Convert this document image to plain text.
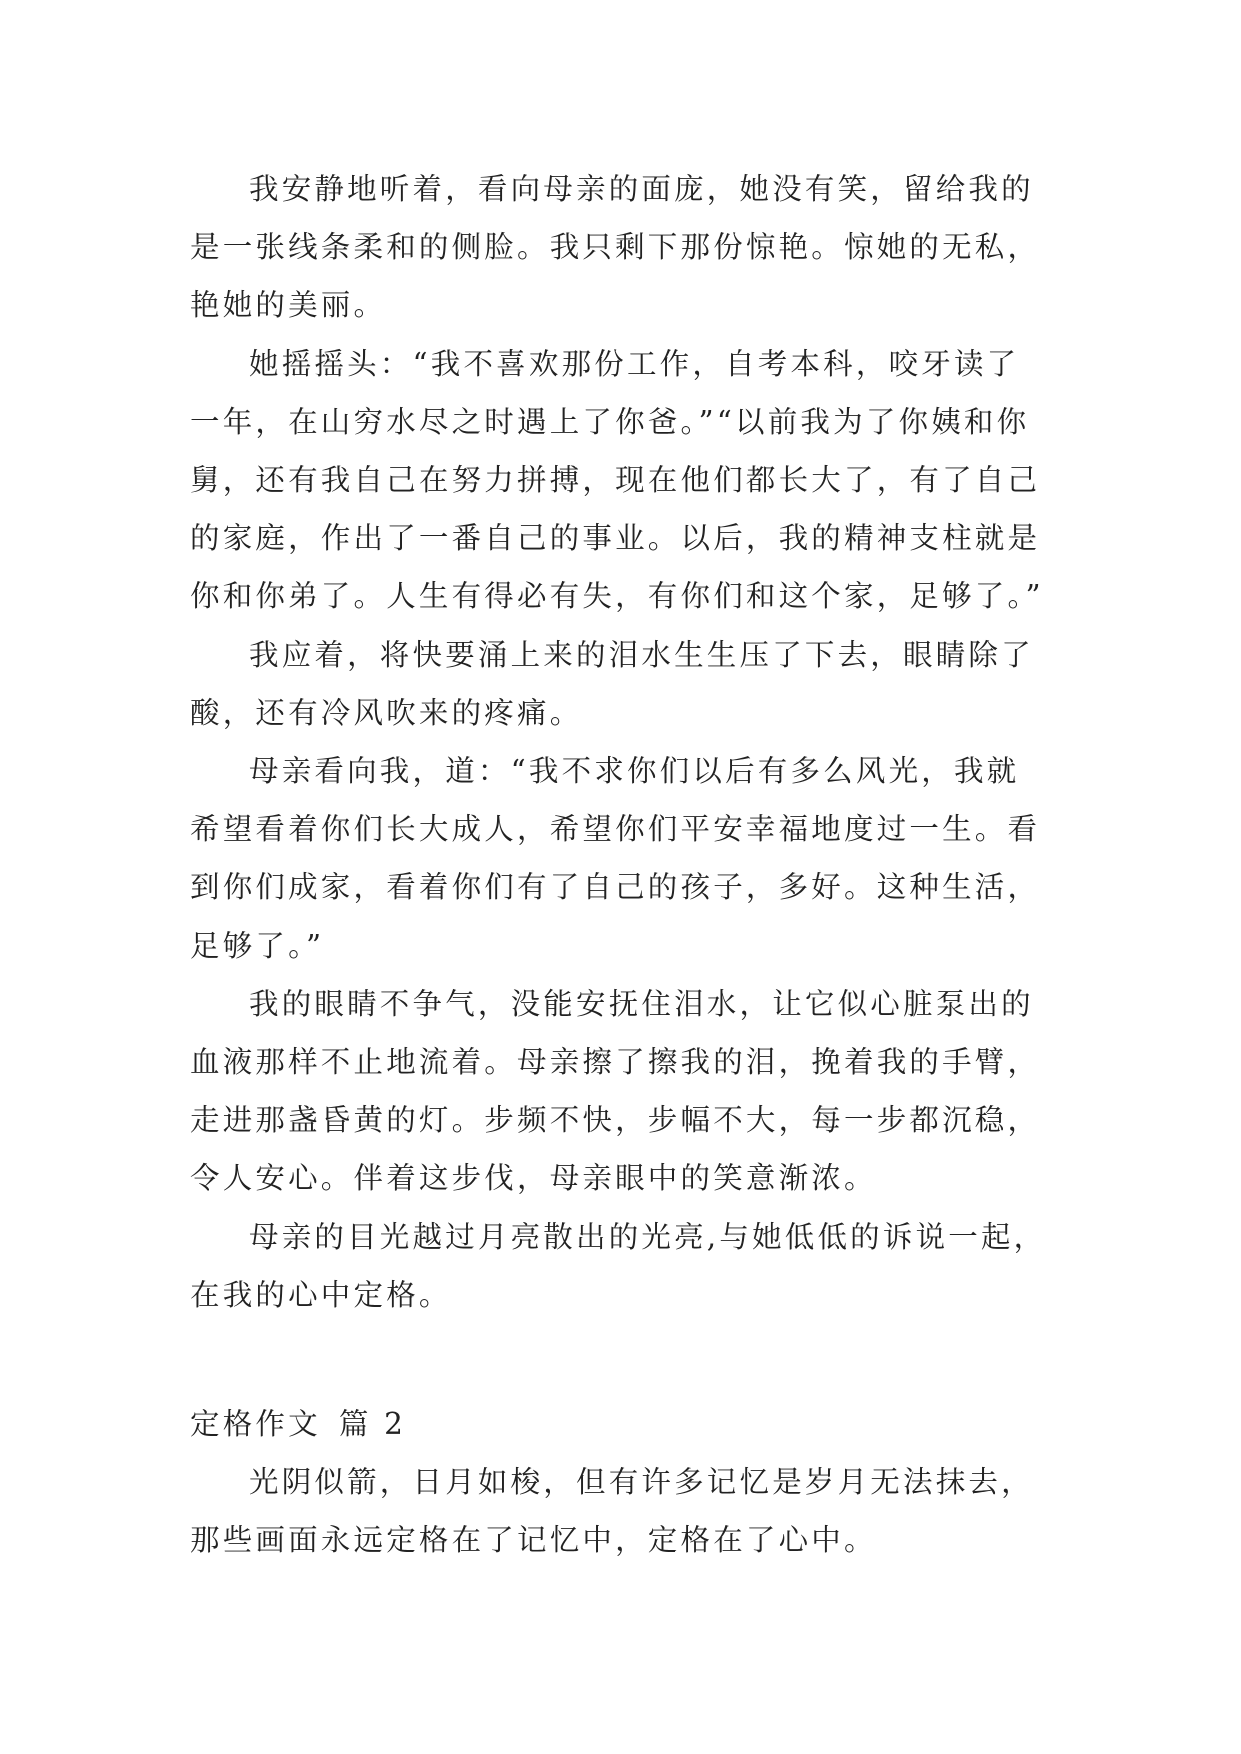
我安静地听着，看向母亲的面庞，她没有笑，留给我的
是一张线条柔和的侧脸。我只剩下那份惊艳。惊她的无私，
艳她的美丽。

她摇摇头：“我不喜欢那份工作，自考本科，咬牙读了
一年，在山穷水尽之时遇上了你爸。”“以前我为了你姨和你
舅，还有我自己在努力拼搏，现在他们都长大了，有了自己
的家庭，作出了一番自己的事业。以后，我的精神支柱就是
你和你弟了。人生有得必有失，有你们和这个家，足够了。”

我应着，将快要涌上来的泪水生生压了下去，眼睛除了
酸，还有冷风吹来的疼痛。

母亲看向我，道：“我不求你们以后有多么风光，我就
希望看着你们长大成人，希望你们平安幸福地度过一生。看
到你们成家，看着你们有了自己的孩子，多好。这种生活，
足够了。”

我的眼睛不争气，没能安抚住泪水，让它似心脏泵出的
血液那样不止地流着。母亲擦了擦我的泪，挽着我的手臂，
走进那盏昏黄的灯。步频不快，步幅不大，每一步都沉稳，
令人安心。伴着这步伐，母亲眼中的笑意渐浓。

母亲的目光越过月亮散出的光亮,与她低低的诉说一起，
在我的心中定格。

定格作文 篇 2

光阴似箭，日月如梭，但有许多记忆是岁月无法抹去，
那些画面永远定格在了记忆中，定格在了心中。
